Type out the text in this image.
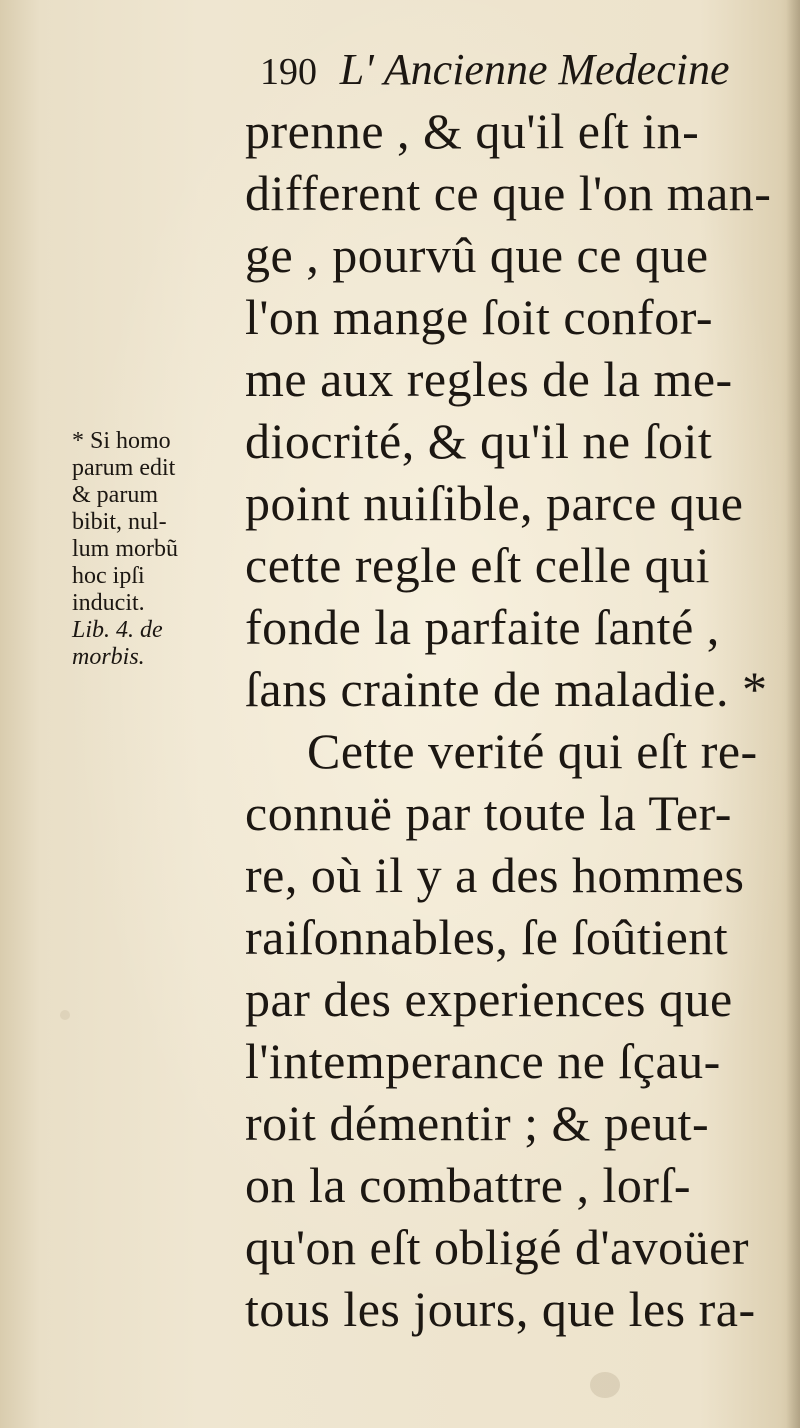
190 L' Ancienne Medecine
prenne , & qu'il eſt in-
different ce que l'on man-
ge , pourvû que ce que
l'on mange ſoit confor-
me aux regles de la me-
diocrité, & qu'il ne ſoit
point nuiſible, parce que
cette regle eſt celle qui
fonde la parfaite ſanté ,
ſans crainte de maladie. *
Cette verité qui eſt re-
connuë par toute la Ter-
re, où il y a des hommes
raiſonnables, ſe ſoûtient
par des experiences que
l'intemperance ne ſçau-
roit démentir ; & peut-
on la combattre , lorſ-
qu'on eſt obligé d'avoüer
tous les jours, que les ra-
* Si homo
parum edit
& parum
bibit, nul-
lum morbũ
hoc ipſi
inducit.
Lib. 4. de
morbis.
